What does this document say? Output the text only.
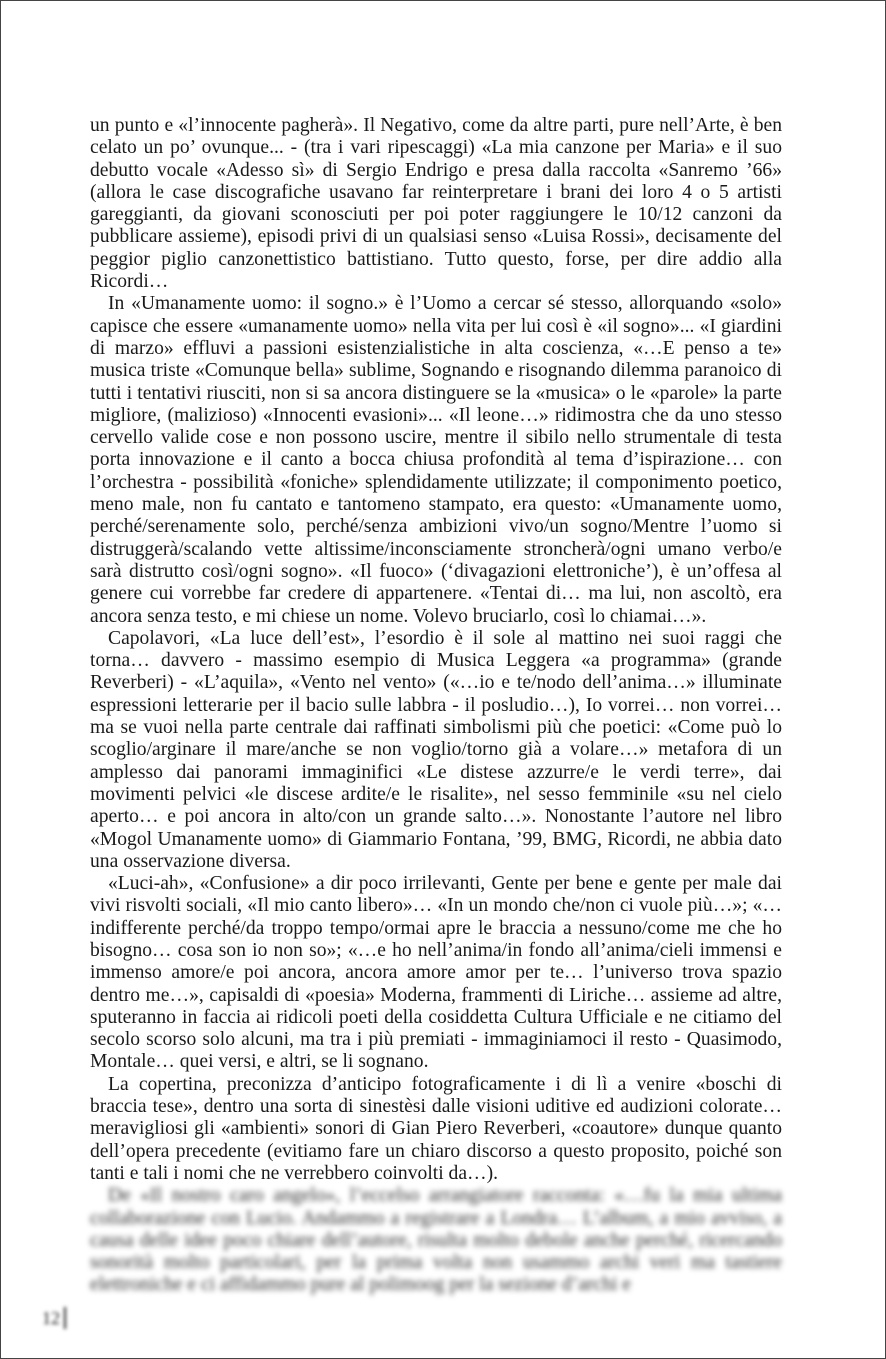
un punto e «l’innocente pagherà». Il Negativo, come da altre parti, pure nell’Arte, è ben celato un po’ ovunque... - (tra i vari ripescaggi) «La mia canzone per Maria» e il suo debutto vocale «Adesso sì» di Sergio Endrigo e presa dalla raccolta «Sanremo ’66» (allora le case discografiche usavano far reinterpretare i brani dei loro 4 o 5 artisti gareggianti, da giovani sconosciuti per poi poter raggiungere le 10/12 canzoni da pubblicare assieme), episodi privi di un qualsiasi senso «Luisa Rossi», decisamente del peggior piglio canzonettistico battistiano. Tutto questo, forse, per dire addio alla Ricordi…

In «Umanamente uomo: il sogno.» è l’Uomo a cercar sé stesso, allorquando «solo» capisce che essere «umanamente uomo» nella vita per lui così è «il sogno»... «I giardini di marzo» effluvi a passioni esistenzialistiche in alta coscienza, «…E penso a te» musica triste «Comunque bella» sublime, Sognando e risognando dilemma paranoico di tutti i tentativi riusciti, non si sa ancora distinguere se la «musica» o le «parole» la parte migliore, (malizioso) «Innocenti evasioni»... «Il leone…» ridimostra che da uno stesso cervello valide cose e non possono uscire, mentre il sibilo nello strumentale di testa porta innovazione e il canto a bocca chiusa profondità al tema d’ispirazione… con l’orchestra - possibilità «foniche» splendidamente utilizzate; il componimento poetico, meno male, non fu cantato e tantomeno stampato, era questo: «Umanamente uomo, perché/serenamente solo, perché/senza ambizioni vivo/un sogno/Mentre l’uomo si distruggerà/scalando vette altissime/inconsciamente stroncherà/ogni umano verbo/e sarà distrutto così/ogni sogno». «Il fuoco» (‘divagazioni elettroniche’), è un’offesa al genere cui vorrebbe far credere di appartenere. «Tentai di… ma lui, non ascoltò, era ancora senza testo, e mi chiese un nome. Volevo bruciarlo, così lo chiamai…».

Capolavori, «La luce dell’est», l’esordio è il sole al mattino nei suoi raggi che torna… davvero - massimo esempio di Musica Leggera «a programma» (grande Reverberi) - «L’aquila», «Vento nel vento» («…io e te/nodo dell’anima…» illuminate espressioni letterarie per il bacio sulle labbra - il posludio…), Io vorrei… non vorrei… ma se vuoi nella parte centrale dai raffinati simbolismi più che poetici: «Come può lo scoglio/arginare il mare/anche se non voglio/torno già a volare…» metafora di un amplesso dai panorami immaginifici «Le distese azzurre/e le verdi terre», dai movimenti pelvici «le discese ardite/e le risalite», nel sesso femminile «su nel cielo aperto… e poi ancora in alto/con un grande salto…». Nonostante l’autore nel libro «Mogol Umanamente uomo» di Giammario Fontana, ’99, BMG, Ricordi, ne abbia dato una osservazione diversa.

«Luci-ah», «Confusione» a dir poco irrilevanti, Gente per bene e gente per male dai vivi risvolti sociali, «Il mio canto libero»… «In un mondo che/non ci vuole più…»; «…indifferente perché/da troppo tempo/ormai apre le braccia a nessuno/come me che ho bisogno… cosa son io non so»; «…e ho nell’anima/in fondo all’anima/cieli immensi e immenso amore/e poi ancora, ancora amore amor per te… l’universo trova spazio dentro me…», capisaldi di «poesia» Moderna, frammenti di Liriche… assieme ad altre, sputeranno in faccia ai ridicoli poeti della cosiddetta Cultura Ufficiale e ne citiamo del secolo scorso solo alcuni, ma tra i più premiati - immaginiamoci il resto - Quasimodo, Montale… quei versi, e altri, se li sognano.

La copertina, preconizza d’anticipo fotograficamente i di lì a venire «boschi di braccia tese», dentro una sorta di sinestèsi dalle visioni uditive ed audizioni colorate… meravigliosi gli «ambienti» sonori di Gian Piero Reverberi, «coautore» dunque quanto dell’opera precedente (evitiamo fare un chiaro discorso a questo proposito, poiché son tanti e tali i nomi che ne verrebbero coinvolti da…).

De «Il nostro caro angelo», l’eccelso arrangiatore racconta: «…fu la mia ultima collaborazione con Lucio. Andammo a registrare a Londra… L’album, a mio avviso, a causa delle idee poco chiare dell’autore, risulta molto debole anche perché, ricercando sonorità molto particolari, per la prima volta non usammo archi veri ma tastiere elettroniche e ci affidammo pure al polimoog per la sezione d’archi e

12
